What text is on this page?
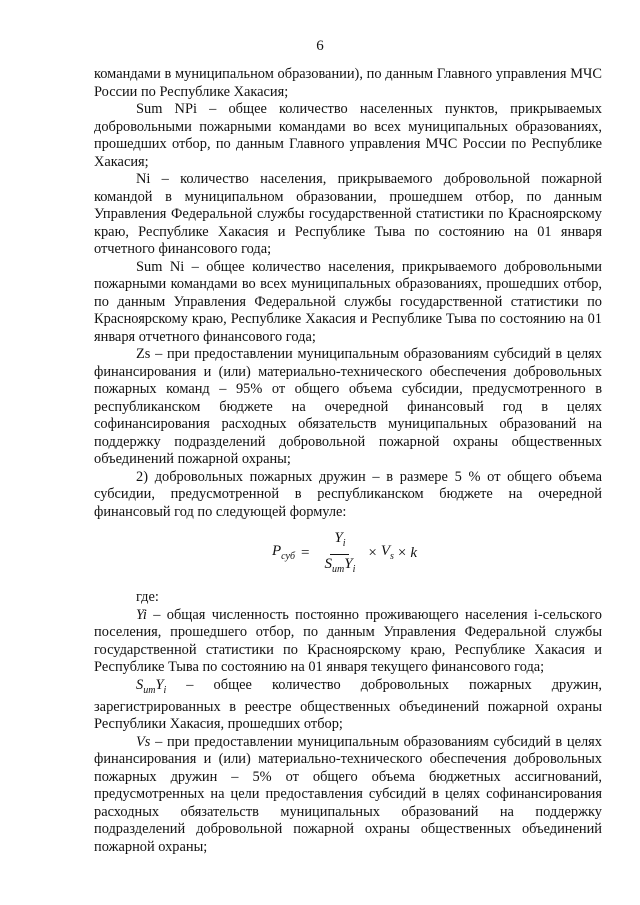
6

командами в муниципальном образовании), по данным Главного управления МЧС России по Республике Хакасия;

Sum NPi – общее количество населенных пунктов, прикрываемых добровольными пожарными командами во всех муниципальных образованиях, прошедших отбор, по данным Главного управления МЧС России по Республике Хакасия;

Ni – количество населения, прикрываемого добровольной пожарной командой в муниципальном образовании, прошедшем отбор, по данным Управления Федеральной службы государственной статистики по Красноярскому краю, Республике Хакасия и Республике Тыва по состоянию на 01 января отчетного финансового года;

Sum Ni – общее количество населения, прикрываемого добровольными пожарными командами во всех муниципальных образованиях, прошедших отбор, по данным Управления Федеральной службы государственной статистики по Красноярскому краю, Республике Хакасия и Республике Тыва по состоянию на 01 января отчетного финансового года;

Zs – при предоставлении муниципальным образованиям субсидий в целях финансирования и (или) материально-технического обеспечения добровольных пожарных команд – 95% от общего объема субсидии, предусмотренного в республиканском бюджете на очередной финансовый год в целях софинансирования расходных обязательств муниципальных образований на поддержку подразделений добровольной пожарной охраны общественных объединений пожарной охраны;

2) добровольных пожарных дружин – в размере 5 % от общего объема субсидии, предусмотренной в республиканском бюджете на очередной финансовый год по следующей формуле:

$P_{суб} = \frac{Y_i}{S_{um}Y_i} \times V_s \times k$

где:

Yi – общая численность постоянно проживающего населения i-сельского поселения, прошедшего отбор, по данным Управления Федеральной службы государственной статистики по Красноярскому краю, Республике Хакасия и Республике Тыва по состоянию на 01 января текущего финансового года;

$S_{um}Y_i$ – общее количество добровольных пожарных дружин, зарегистрированных в реестре общественных объединений пожарной охраны Республики Хакасия, прошедших отбор;

Vs – при предоставлении муниципальным образованиям субсидий в целях финансирования и (или) материально-технического обеспечения добровольных пожарных дружин – 5% от общего объема бюджетных ассигнований, предусмотренных на цели предоставления субсидий в целях софинансирования расходных обязательств муниципальных образований на поддержку подразделений добровольной пожарной охраны общественных объединений пожарной охраны;
